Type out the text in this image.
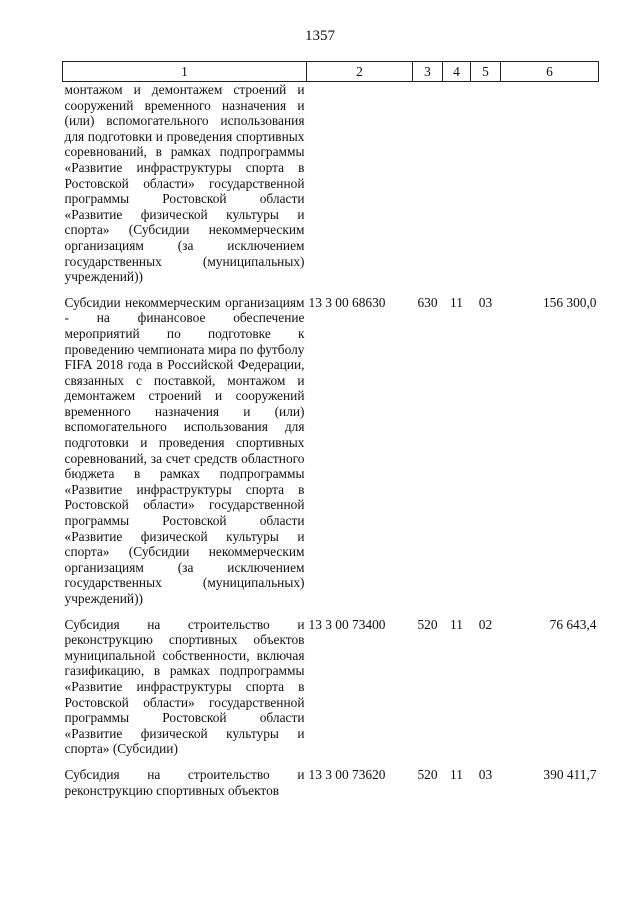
1357
1	2	3	4	5	6
монтажом и демонтажем строений и сооружений временного назначения и (или) вспомогательного использования для подготовки и проведения спортивных соревнований, в рамках подпрограммы «Развитие инфраструктуры спорта в Ростовской области» государственной программы Ростовской области «Развитие физической культуры и спорта» (Субсидии некоммерческим организациям (за исключением государственных (муниципальных) учреждений))					

Субсидии некоммерческим организациям - на финансовое обеспечение мероприятий по подготовке к проведению чемпионата мира по футболу FIFA 2018 года в Российской Федерации, связанных с поставкой, монтажом и демонтажем строений и сооружений временного назначения и (или) вспомогательного использования для подготовки и проведения спортивных соревнований, за счет средств областного бюджета в рамках подпрограммы «Развитие инфраструктуры спорта в Ростовской области» государственной программы Ростовской области «Развитие физической культуры и спорта» (Субсидии некоммерческим организациям (за исключением государственных (муниципальных) учреждений))	13 3 00 68630	630	11	03	156 300,0

Субсидия на строительство и реконструкцию спортивных объектов муниципальной собственности, включая газификацию, в рамках подпрограммы «Развитие инфраструктуры спорта в Ростовской области» государственной программы Ростовской области «Развитие физической культуры и спорта» (Субсидии)	13 3 00 73400	520	11	02	76 643,4

Субсидия на строительство и реконструкцию спортивных объектов	13 3 00 73620	520	11	03	390 411,7
